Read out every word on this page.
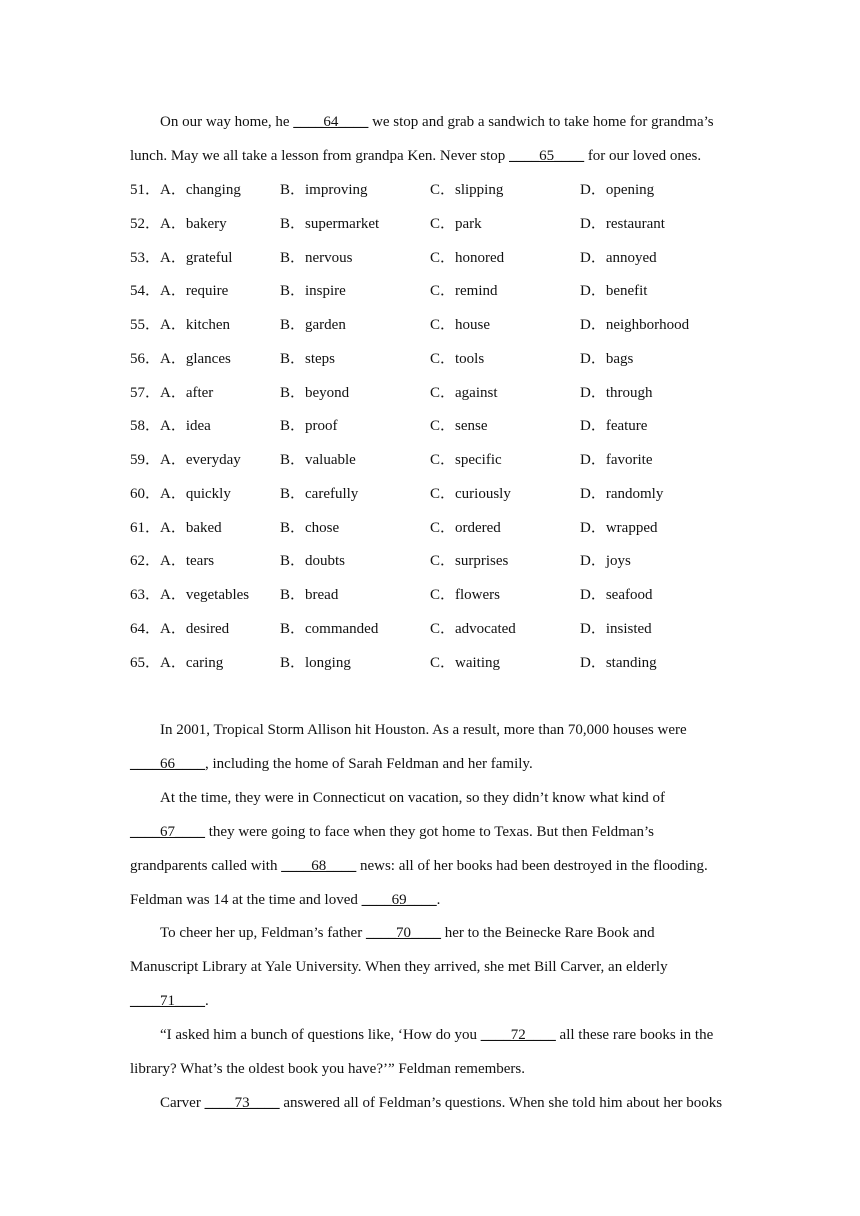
On our way home, he ____64____ we stop and grab a sandwich to take home for grandma’s
lunch. May we all take a lesson from grandpa Ken. Never stop ____65____ for our loved ones.
51． A．changing	B．improving	C．slipping	D．opening
52． A．bakery	B．supermarket	C．park	D．restaurant
53． A．grateful	B．nervous	C．honored	D．annoyed
54． A．require	B．inspire	C．remind	D．benefit
55． A．kitchen	B．garden	C．house	D．neighborhood
56． A．glances	B．steps	C．tools	D．bags
57． A．after	B．beyond	C．against	D．through
58． A．idea	B．proof	C．sense	D．feature
59． A．everyday	B．valuable	C．specific	D．favorite
60． A．quickly	B．carefully	C．curiously	D．randomly
61． A．baked	B．chose	C．ordered	D．wrapped
62． A．tears	B．doubts	C．surprises	D．joys
63． A．vegetables B．bread	C．flowers	D．seafood
64． A．desired	B．commanded	C．advocated	D．insisted
65． A．caring	B．longing	C．waiting	D．standing
In 2001, Tropical Storm Allison hit Houston. As a result, more than 70,000 houses were
____66____, including the home of Sarah Feldman and her family.
At the time, they were in Connecticut on vacation, so they didn’t know what kind of
____67____ they were going to face when they got home to Texas. But then Feldman’s
grandparents called with ____68____ news: all of her books had been destroyed in the flooding.
Feldman was 14 at the time and loved ____69____.
To cheer her up, Feldman’s father ____70____ her to the Beinecke Rare Book and
Manuscript Library at Yale University. When they arrived, she met Bill Carver, an elderly
____71____.
“I asked him a bunch of questions like, ‘How do you ____72____ all these rare books in the
library? What’s the oldest book you have?’” Feldman remembers.
Carver ____73____ answered all of Feldman’s questions. When she told him about her books
